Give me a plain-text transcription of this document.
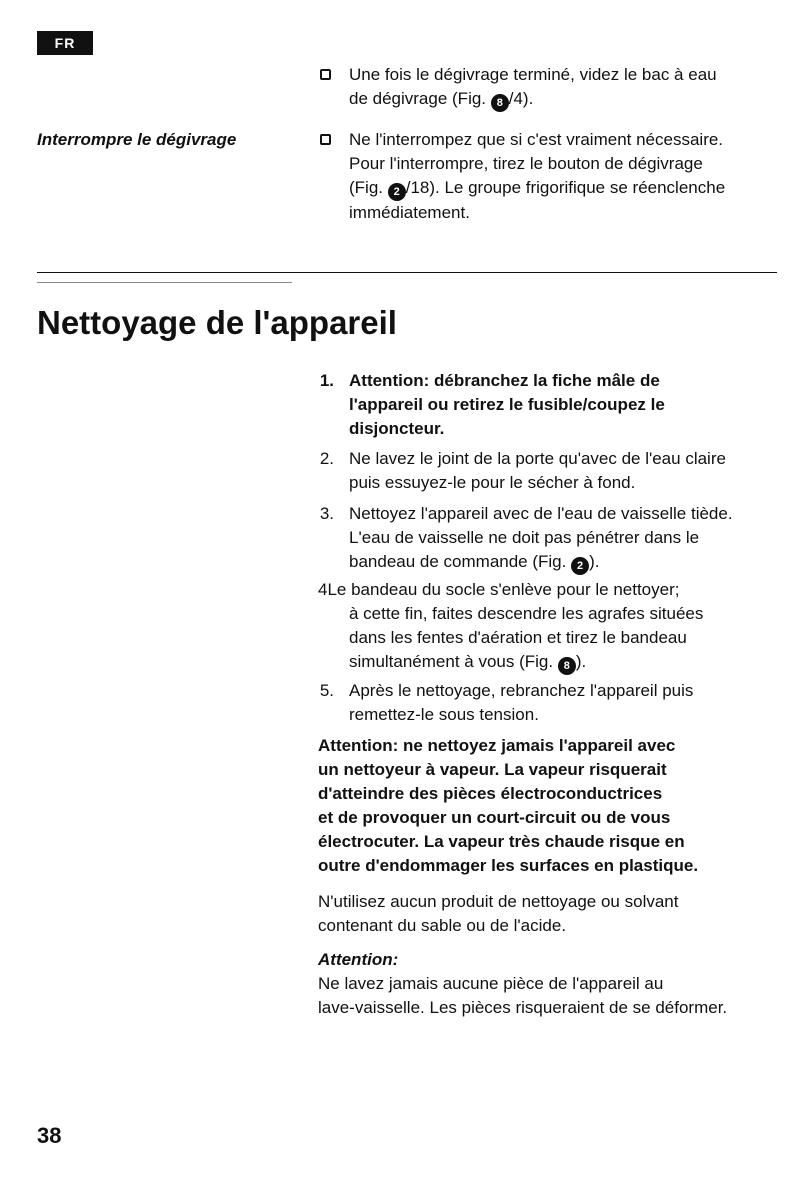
FR
Une fois le dégivrage terminé, videz le bac à eau
de dégivrage (Fig. 8 /4).
Interrompre le dégivrage	Ne l'interrompez que si c'est vraiment nécessaire.
Pour l'interrompre, tirez le bouton de dégivrage
(Fig. 2 /18). Le groupe frigorifique se réenclenche
immédiatement.
Nettoyage de l'appareil
1. Attention: débranchez la fiche mâle de
l'appareil ou retirez le fusible/coupez le
disjoncteur.
2. Ne lavez le joint de la porte qu'avec de l'eau claire
puis essuyez-le pour le sécher à fond.
3. Nettoyez l'appareil avec de l'eau de vaisselle tiède.
L'eau de vaisselle ne doit pas pénétrer dans le
bandeau de commande (Fig. 2 ).
4Le bandeau du socle s'enlève pour le nettoyer;
à cette fin, faites descendre les agrafes situées
dans les fentes d'aération et tirez le bandeau
simultanément à vous (Fig. 8 ).
5. Après le nettoyage, rebranchez l'appareil puis
remettez-le sous tension.
Attention: ne nettoyez jamais l'appareil avec
un nettoyeur à vapeur. La vapeur risquerait
d'atteindre des pièces électroconductrices
et de provoquer un court-circuit ou de vous
électrocuter. La vapeur très chaude risque en
outre d'endommager les surfaces en plastique.
N'utilisez aucun produit de nettoyage ou solvant
contenant du sable ou de l'acide.
Attention:
Ne lavez jamais aucune pièce de l'appareil au
lave-vaisselle. Les pièces risqueraient de se déformer.
38
